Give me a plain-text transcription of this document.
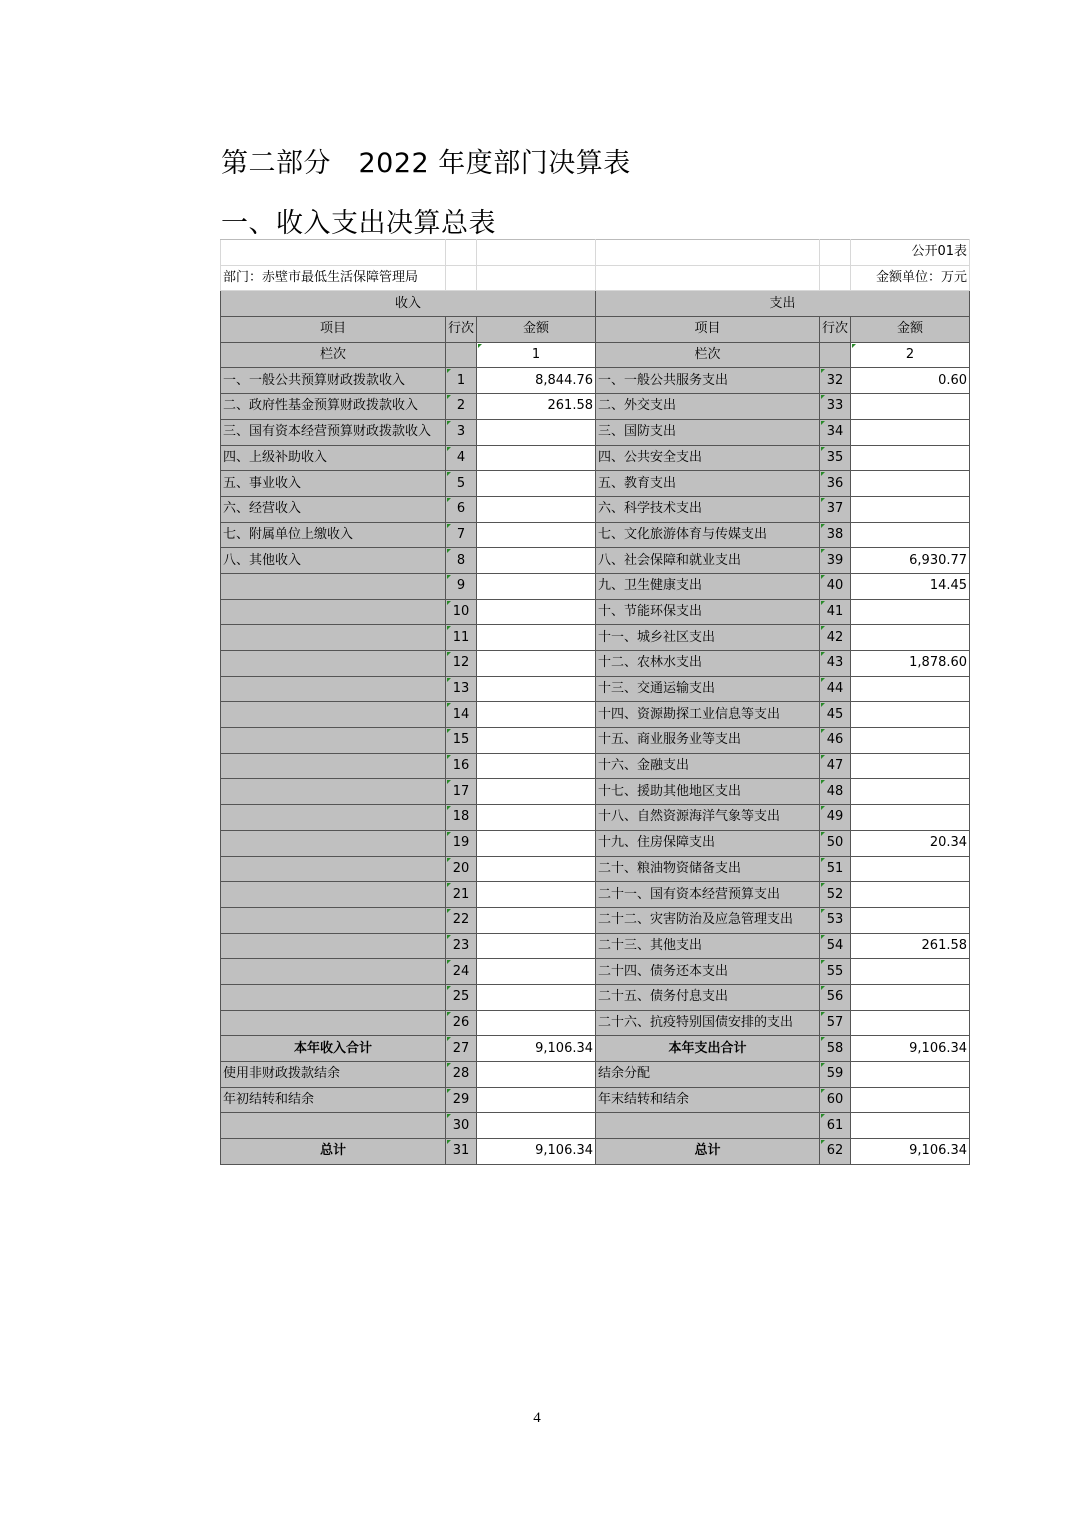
第二部分　2022 年度部门决算表
一、收入支出决算总表
					公开01表
部门：赤壁市最低生活保障管理局					金额单位：万元
收入			支出		
项目	行次	金额	项目	行次	金额
栏次		1	栏次		2
一、一般公共预算财政拨款收入	1	8,844.76	一、一般公共服务支出	32	0.60
二、政府性基金预算财政拨款收入	2	261.58	二、外交支出	33	
三、国有资本经营预算财政拨款收入	3		三、国防支出	34	
四、上级补助收入	4		四、公共安全支出	35	
五、事业收入	5		五、教育支出	36	
六、经营收入	6		六、科学技术支出	37	
七、附属单位上缴收入	7		七、文化旅游体育与传媒支出	38	
八、其他收入	8		八、社会保障和就业支出	39	6,930.77
	9		九、卫生健康支出	40	14.45
	10		十、节能环保支出	41	
	11		十一、城乡社区支出	42	
	12		十二、农林水支出	43	1,878.60
	13		十三、交通运输支出	44	
	14		十四、资源勘探工业信息等支出	45	
	15		十五、商业服务业等支出	46	
	16		十六、金融支出	47	
	17		十七、援助其他地区支出	48	
	18		十八、自然资源海洋气象等支出	49	
	19		十九、住房保障支出	50	20.34
	20		二十、粮油物资储备支出	51	
	21		二十一、国有资本经营预算支出	52	
	22		二十二、灾害防治及应急管理支出	53	
	23		二十三、其他支出	54	261.58
	24		二十四、债务还本支出	55	
	25		二十五、债务付息支出	56	
	26		二十六、抗疫特别国债安排的支出	57	
本年收入合计	27	9,106.34	本年支出合计	58	9,106.34
使用非财政拨款结余	28		结余分配	59	
年初结转和结余	29		年末结转和结余	60	
	30			61	
总计	31	9,106.34	总计	62	9,106.34
4
